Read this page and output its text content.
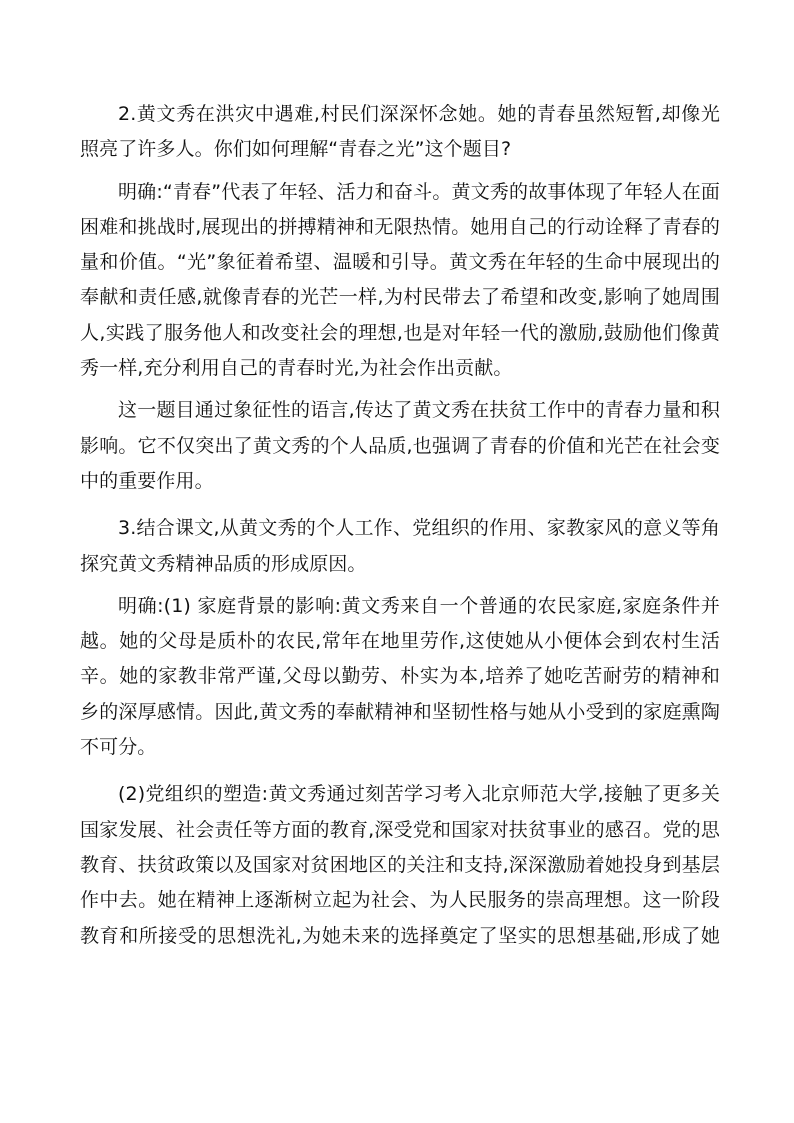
2.黄文秀在洪灾中遇难,村民们深深怀念她。她的青春虽然短暂,却像光
照亮了许多人。你们如何理解“青春之光”这个题目?
明确:“青春”代表了年轻、活力和奋斗。黄文秀的故事体现了年轻人在面
困难和挑战时,展现出的拼搏精神和无限热情。她用自己的行动诠释了青春的
量和价值。“光”象征着希望、温暖和引导。黄文秀在年轻的生命中展现出的
奉献和责任感,就像青春的光芒一样,为村民带去了希望和改变,影响了她周围
人,实践了服务他人和改变社会的理想,也是对年轻一代的激励,鼓励他们像黄
秀一样,充分利用自己的青春时光,为社会作出贡献。
这一题目通过象征性的语言,传达了黄文秀在扶贫工作中的青春力量和积
影响。它不仅突出了黄文秀的个人品质,也强调了青春的价值和光芒在社会变
中的重要作用。
3.结合课文,从黄文秀的个人工作、党组织的作用、家教家风的意义等角
探究黄文秀精神品质的形成原因。
明确:(1) 家庭背景的影响:黄文秀来自一个普通的农民家庭,家庭条件并
越。她的父母是质朴的农民,常年在地里劳作,这使她从小便体会到农村生活
辛。她的家教非常严谨,父母以勤劳、朴实为本,培养了她吃苦耐劳的精神和
乡的深厚感情。因此,黄文秀的奉献精神和坚韧性格与她从小受到的家庭熏陶
不可分。
(2)党组织的塑造:黄文秀通过刻苦学习考入北京师范大学,接触了更多关
国家发展、社会责任等方面的教育,深受党和国家对扶贫事业的感召。党的思
教育、扶贫政策以及国家对贫困地区的关注和支持,深深激励着她投身到基层
作中去。她在精神上逐渐树立起为社会、为人民服务的崇高理想。这一阶段
教育和所接受的思想洗礼,为她未来的选择奠定了坚实的思想基础,形成了她
